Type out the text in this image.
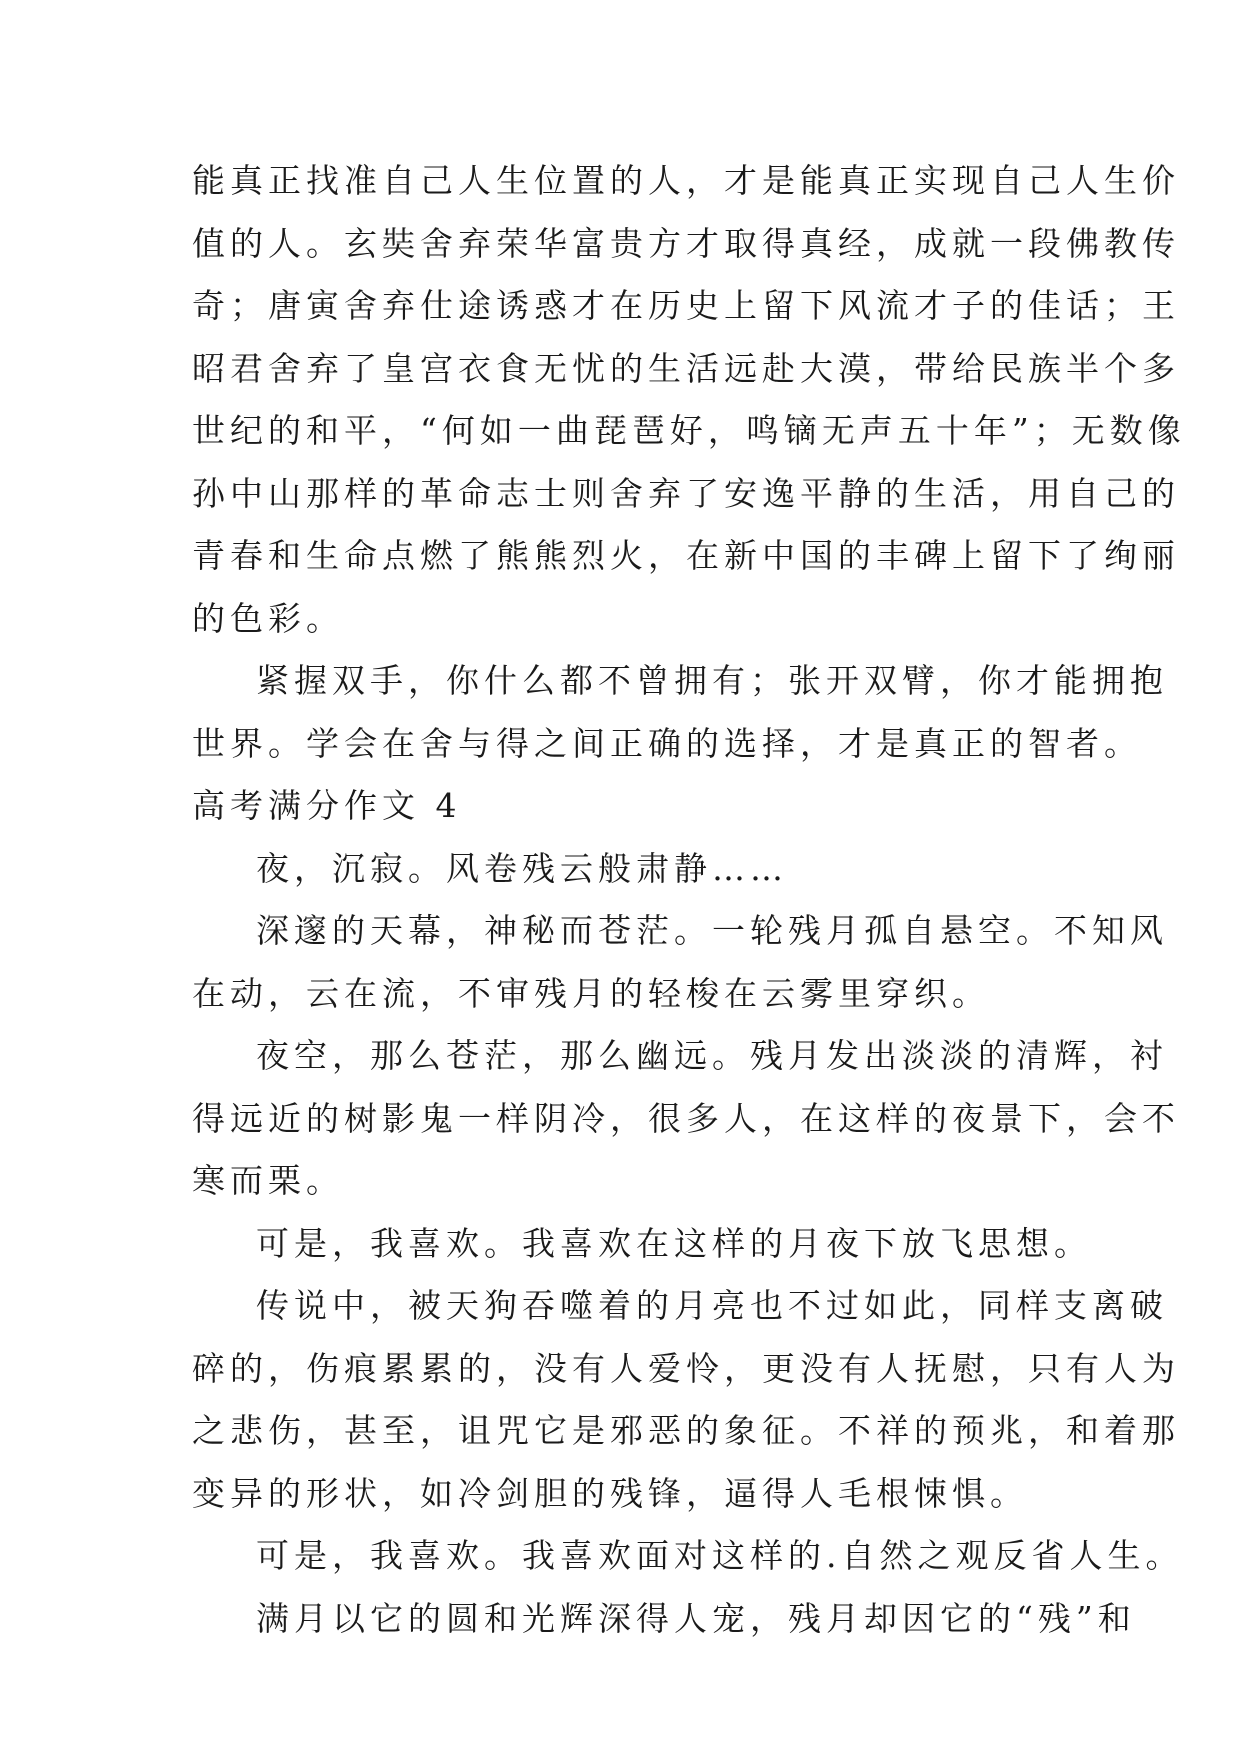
能真正找准自己人生位置的人，才是能真正实现自己人生价
值的人。玄奘舍弃荣华富贵方才取得真经，成就一段佛教传
奇；唐寅舍弃仕途诱惑才在历史上留下风流才子的佳话；王
昭君舍弃了皇宫衣食无忧的生活远赴大漠，带给民族半个多
世纪的和平，“何如一曲琵琶好，鸣镝无声五十年”；无数像
孙中山那样的革命志士则舍弃了安逸平静的生活，用自己的
青春和生命点燃了熊熊烈火，在新中国的丰碑上留下了绚丽
的色彩。
紧握双手，你什么都不曾拥有；张开双臂，你才能拥抱
世界。学会在舍与得之间正确的选择，才是真正的智者。
高考满分作文 4
夜，沉寂。风卷残云般肃静……
深邃的天幕，神秘而苍茫。一轮残月孤自悬空。不知风
在动，云在流，不审残月的轻梭在云雾里穿织。
夜空，那么苍茫，那么幽远。残月发出淡淡的清辉，衬
得远近的树影鬼一样阴冷，很多人，在这样的夜景下，会不
寒而栗。
可是，我喜欢。我喜欢在这样的月夜下放飞思想。
传说中，被天狗吞噬着的月亮也不过如此，同样支离破
碎的，伤痕累累的，没有人爱怜，更没有人抚慰，只有人为
之悲伤，甚至，诅咒它是邪恶的象征。不祥的预兆，和着那
变异的形状，如冷剑胆的残锋，逼得人毛根悚惧。
可是，我喜欢。我喜欢面对这样的.自然之观反省人生。
满月以它的圆和光辉深得人宠，残月却因它的“残”和
